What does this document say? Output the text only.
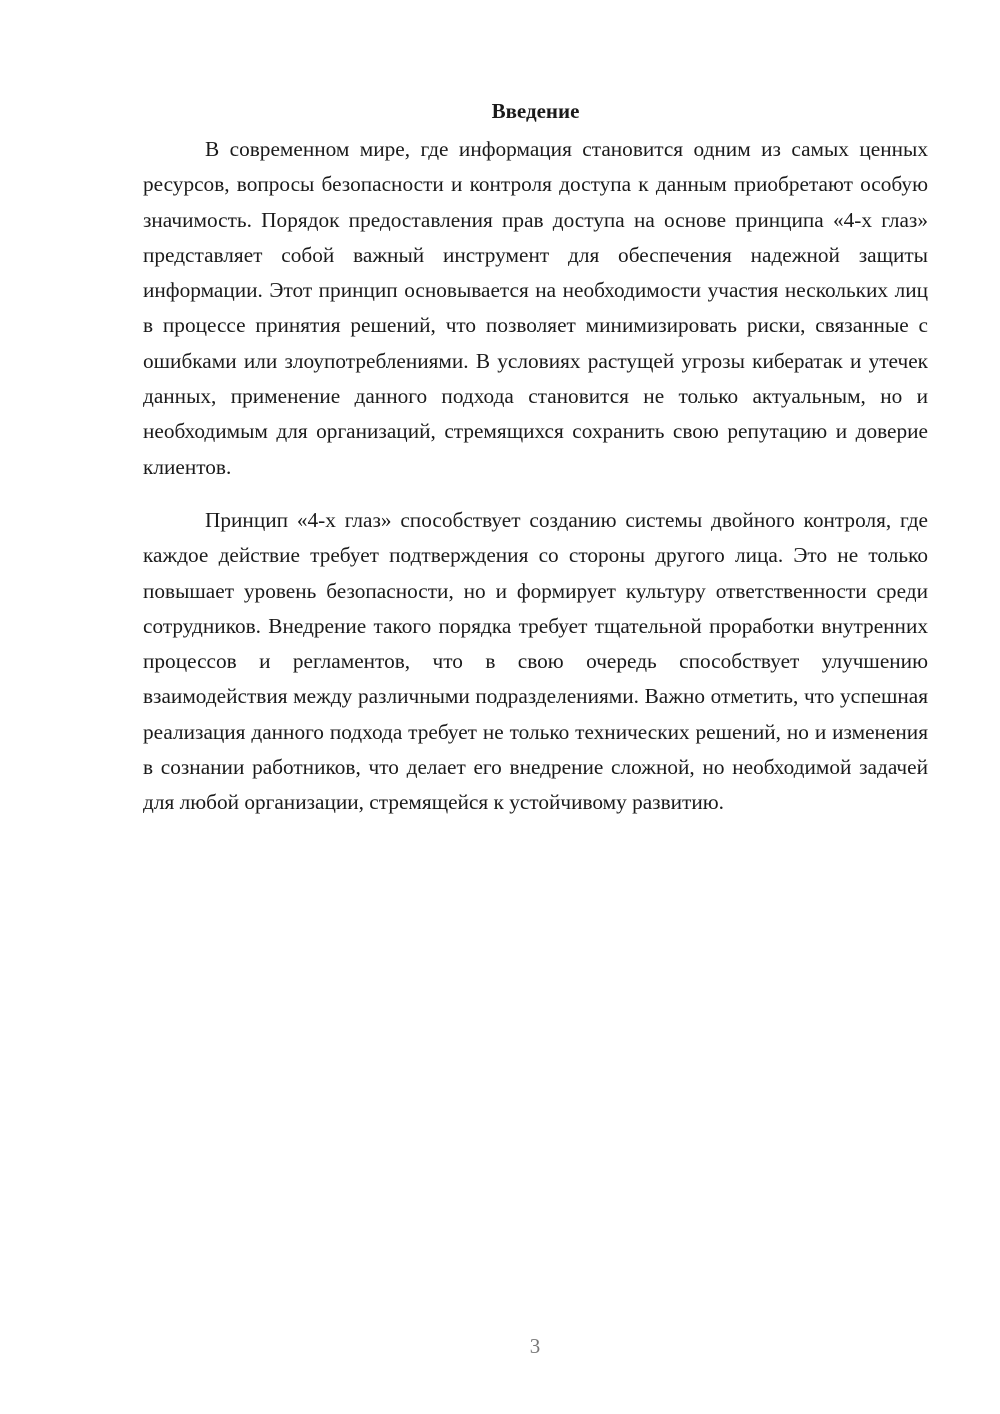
Введение

В современном мире, где информация становится одним из самых ценных ресурсов, вопросы безопасности и контроля доступа к данным приобретают особую значимость. Порядок предоставления прав доступа на основе принципа «4-х глаз» представляет собой важный инструмент для обеспечения надежной защиты информации. Этот принцип основывается на необходимости участия нескольких лиц в процессе принятия решений, что позволяет минимизировать риски, связанные с ошибками или злоупотреблениями. В условиях растущей угрозы кибератак и утечек данных, применение данного подхода становится не только актуальным, но и необходимым для организаций, стремящихся сохранить свою репутацию и доверие клиентов.

Принцип «4-х глаз» способствует созданию системы двойного контроля, где каждое действие требует подтверждения со стороны другого лица. Это не только повышает уровень безопасности, но и формирует культуру ответственности среди сотрудников. Внедрение такого порядка требует тщательной проработки внутренних процессов и регламентов, что в свою очередь способствует улучшению взаимодействия между различными подразделениями. Важно отметить, что успешная реализация данного подхода требует не только технических решений, но и изменения в сознании работников, что делает его внедрение сложной, но необходимой задачей для любой организации, стремящейся к устойчивому развитию.

3
